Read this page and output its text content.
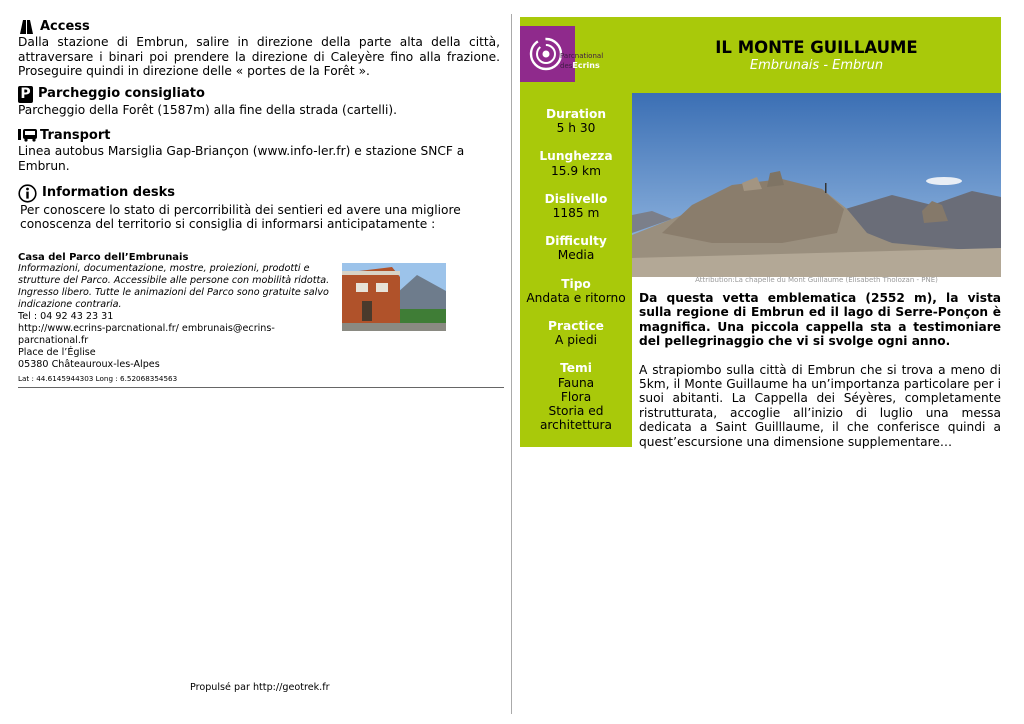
Access
Dalla stazione di Embrun, salire in direzione della parte alta della città, attraversare i binari poi prendere la direzione di Caleyère fino alla frazione. Proseguire quindi in direzione delle « portes de la Forêt ».
P Parcheggio consigliato
Parcheggio della Forêt (1587m) alla fine della strada (cartelli).
Transport
Linea autobus Marsiglia Gap-Briançon (www.info-ler.fr) e stazione SNCF a Embrun.
Information desks
Per conoscere lo stato di percorribilità dei sentieri ed avere una migliore conoscenza del territorio si consiglia di informarsi anticipatamente :
Casa del Parco dell’Embrunais
Informazioni, documentazione, mostre, proiezioni, prodotti e strutture del Parco. Accessibile alle persone con mobilità ridotta. Ingresso libero. Tutte le animazioni del Parco sono gratuite salvo indicazione contraria.
Tel : 04 92 43 23 31
http://www.ecrins-parcnational.fr/ embrunais@ecrins-parcnational.fr
Place de l’Église
05380 Châteauroux-les-Alpes
Lat : 44.6145944303 Long : 6.52068354563
Propulsé par http://geotrek.fr
Parcnational
desEcrins
IL MONTE GUILLAUME
Embrunais - Embrun
Duration
5 h 30
Lunghezza
15.9 km
Dislivello
1185 m
Difficulty
Media
Tipo
Andata e ritorno
Practice
A piedi
Temi
Fauna
Flora
Storia ed architettura
Attribution:La chapelle du Mont Guillaume (Elisabeth Tholozan - PNE)

Da questa vetta emblematica (2552 m), la vista sulla regione di Embrun ed il lago di Serre-Ponçon è magnifica. Una piccola cappella sta a testimoniare del pellegrinaggio che vi si svolge ogni anno.

A strapiombo sulla città di Embrun che si trova a meno di 5km, il Monte Guillaume ha un’importanza particolare per i suoi abitanti. La Cappella dei Séyères, completamente ristrutturata, accoglie all’inizio di luglio una messa dedicata a Saint Guilllaume, il che conferisce quindi a quest’escursione una dimensione supplementare…
